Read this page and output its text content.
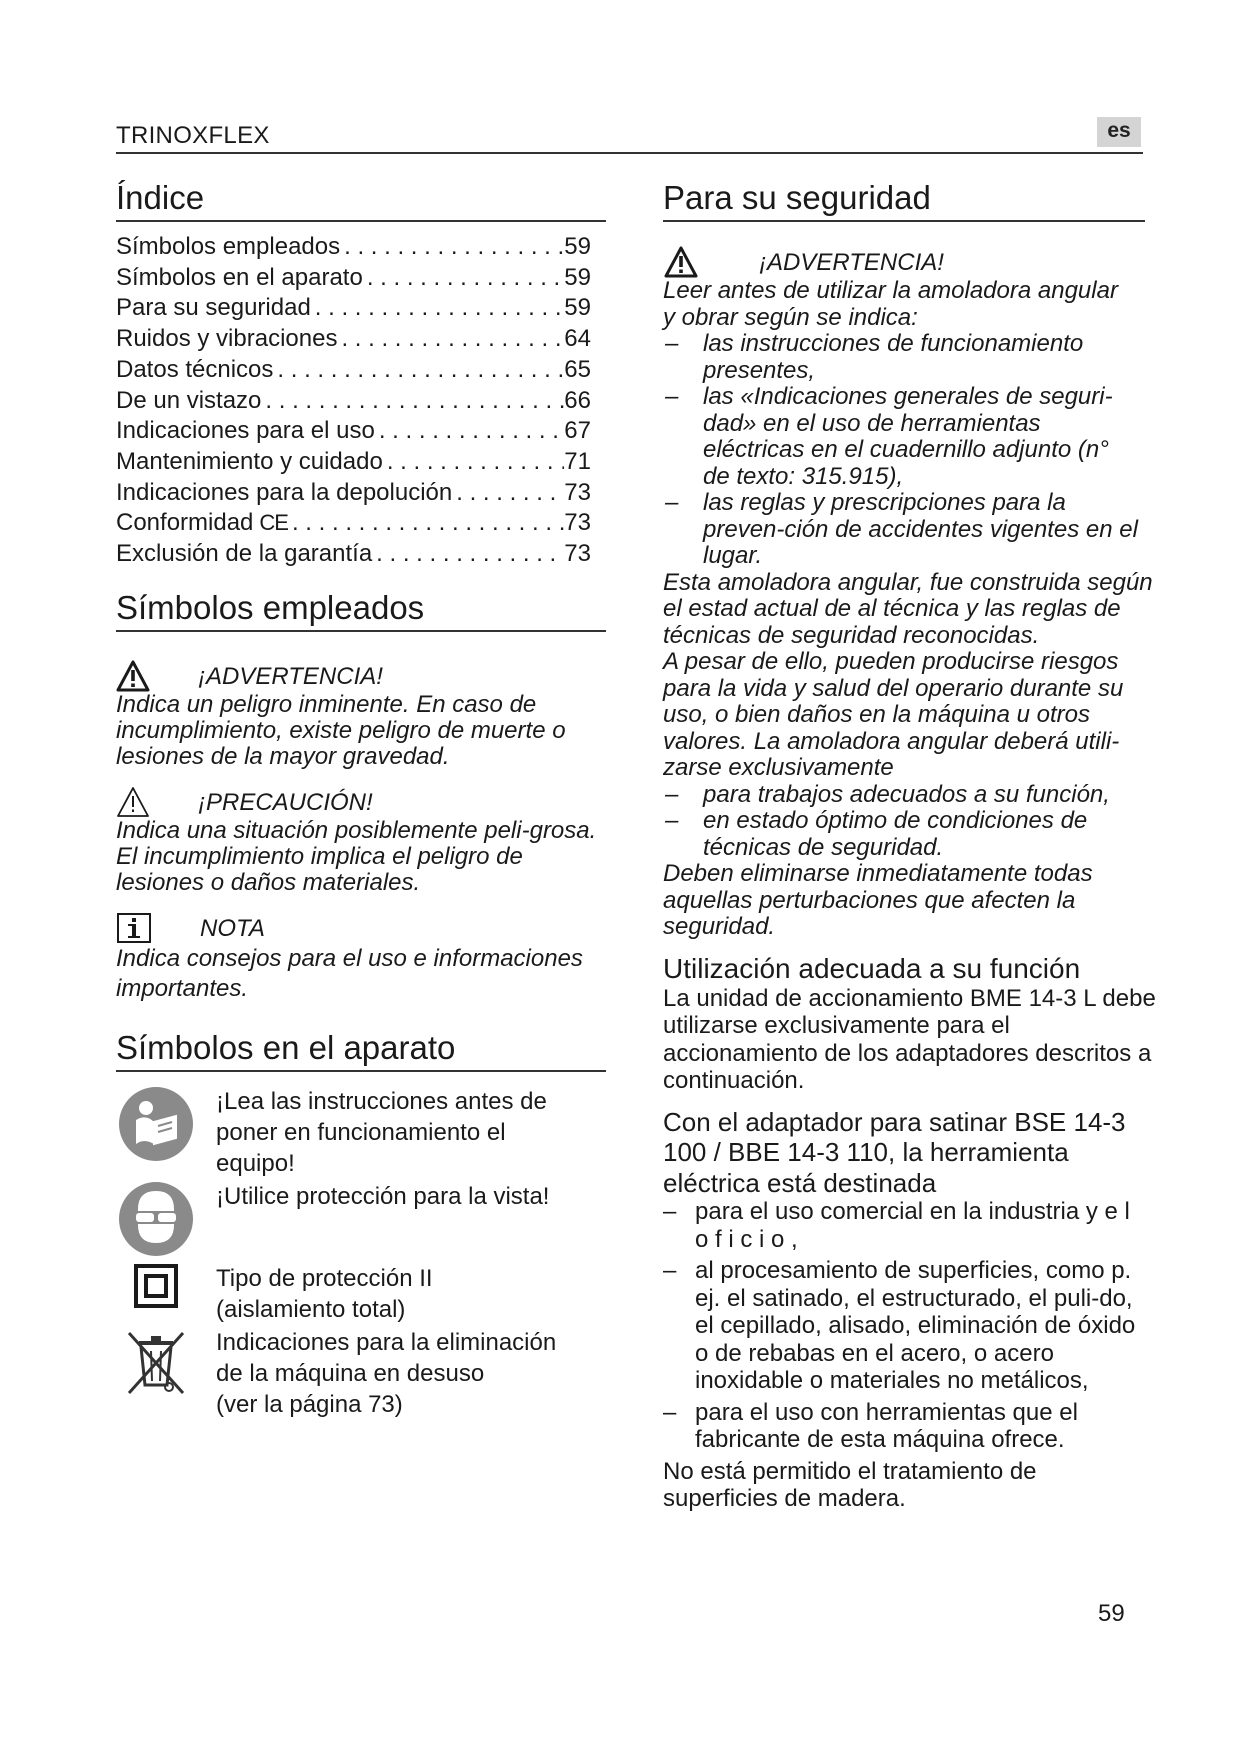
TRINOXFLEX	es
Índice
Símbolos empleados . . .	59
Símbolos en el aparato . . .	59
Para su seguridad . . .	59
Ruidos y vibraciones . . .	64
Datos técnicos . . .	65
De un vistazo . . .	66
Indicaciones para el uso . . .	67
Mantenimiento y cuidado . . .	71
Indicaciones para la depolución . . .	73
Conformidad CE . . .	73
Exclusión de la garantía . . .	73
Símbolos empleados
¡ADVERTENCIA!
Indica un peligro inminente. En caso de incumplimiento, existe peligro de muerte o lesiones de la mayor gravedad.
¡PRECAUCIÓN!
Indica una situación posiblemente peli-grosa. El incumplimiento implica el peligro de lesiones o daños materiales.
NOTA
Indica consejos para el uso e informaciones importantes.
Símbolos en el aparato
¡Lea las instrucciones antes de poner en funcionamiento el equipo!
¡Utilice protección para la vista!
Tipo de protección II
(aislamiento total)
Indicaciones para la eliminación
de la máquina en desuso
(ver la página 73)
Para su seguridad
¡ADVERTENCIA!
Leer antes de utilizar la amoladora angular y obrar según se indica:
– las instrucciones de funcionamiento presentes,
– las «Indicaciones generales de seguri-dad» en el uso de herramientas eléctricas en el cuadernillo adjunto (n° de texto: 315.915),
– las reglas y prescripciones para la preven-ción de accidentes vigentes en el lugar.
Esta amoladora angular, fue construida según el estad actual de al técnica y las reglas de técnicas de seguridad reconocidas.
A pesar de ello, pueden producirse riesgos para la vida y salud del operario durante su uso, o bien daños en la máquina u otros valores. La amoladora angular deberá utili-zarse exclusivamente
– para trabajos adecuados a su función,
– en estado óptimo de condiciones de técnicas de seguridad.
Deben eliminarse inmediatamente todas aquellas perturbaciones que afecten la seguridad.
Utilización adecuada a su función
La unidad de accionamiento BME 14-3 L debe utilizarse exclusivamente para el accionamiento de los adaptadores descritos a continuación.
Con el adaptador para satinar BSE 14-3 100 / BBE 14-3 110, la herramienta eléctrica está destinada
– para el uso comercial en la industria y e l o f i c i o ,
– al procesamiento de superficies, como p. ej. el satinado, el estructurado, el puli-do, el cepillado, alisado, eliminación de óxido o de rebabas en el acero, o acero inoxidable o materiales no metálicos,
– para el uso con herramientas que el fabricante de esta máquina ofrece.
No está permitido el tratamiento de superficies de madera.
59
